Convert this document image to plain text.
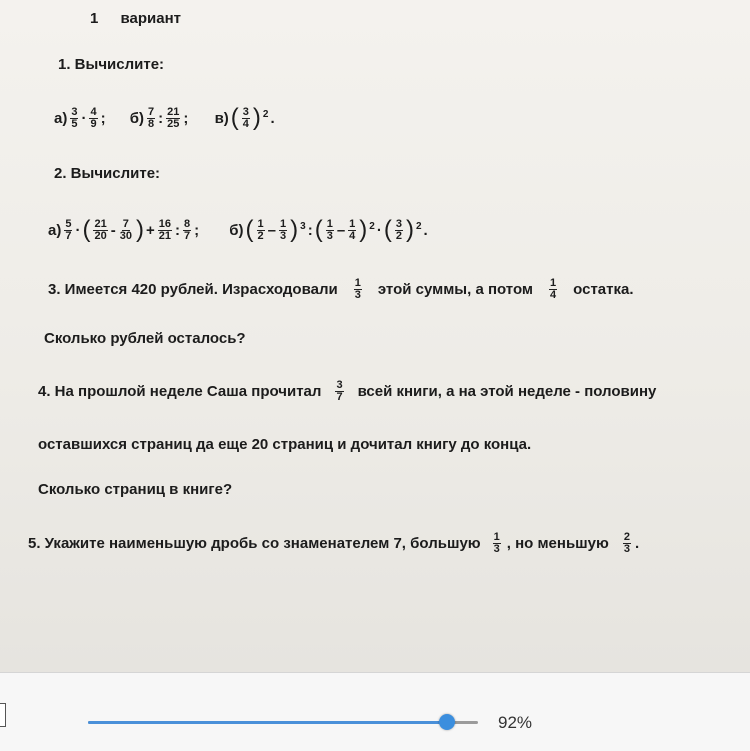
1 вариант
1. Вычислите:
$а) \frac{3}{5} \cdot \frac{4}{9}$ ;
$б) \frac{7}{8}$ : $\frac{21}{25}$ ;
в) ( $\frac{3}{4}$ ) 2 .
2. Вычислите:
$а) \frac{5}{7}$ · ( $\frac{21}{20} - \frac{7}{30}$ ) + $\frac{16}{21}$ : $\frac{8}{7}$ ;
б) ( $\frac{1}{2} - \frac{1}{3}$ ) 3 : ( $\frac{1}{3} - \frac{1}{4}$ ) 2 · ( $\frac{3}{2}$ ) 2 .
3. Имеется 420 рублей. Израсходовали $\frac{1}{3}$ этой суммы, а потом $\frac{1}{4}$ остатка.
Сколько рублей осталось?
4. На прошлой неделе Саша прочитал $\frac{3}{7}$ всей книги, а на этой неделе - половину
оставшихся страниц да еще 20 страниц и дочитал книгу до конца.
Сколько страниц в книге?
5. Укажите наименьшую дробь со знаменателем 7, большую $\frac{1}{3}$ , но меньшую $\frac{2}{3}$ .
92%
